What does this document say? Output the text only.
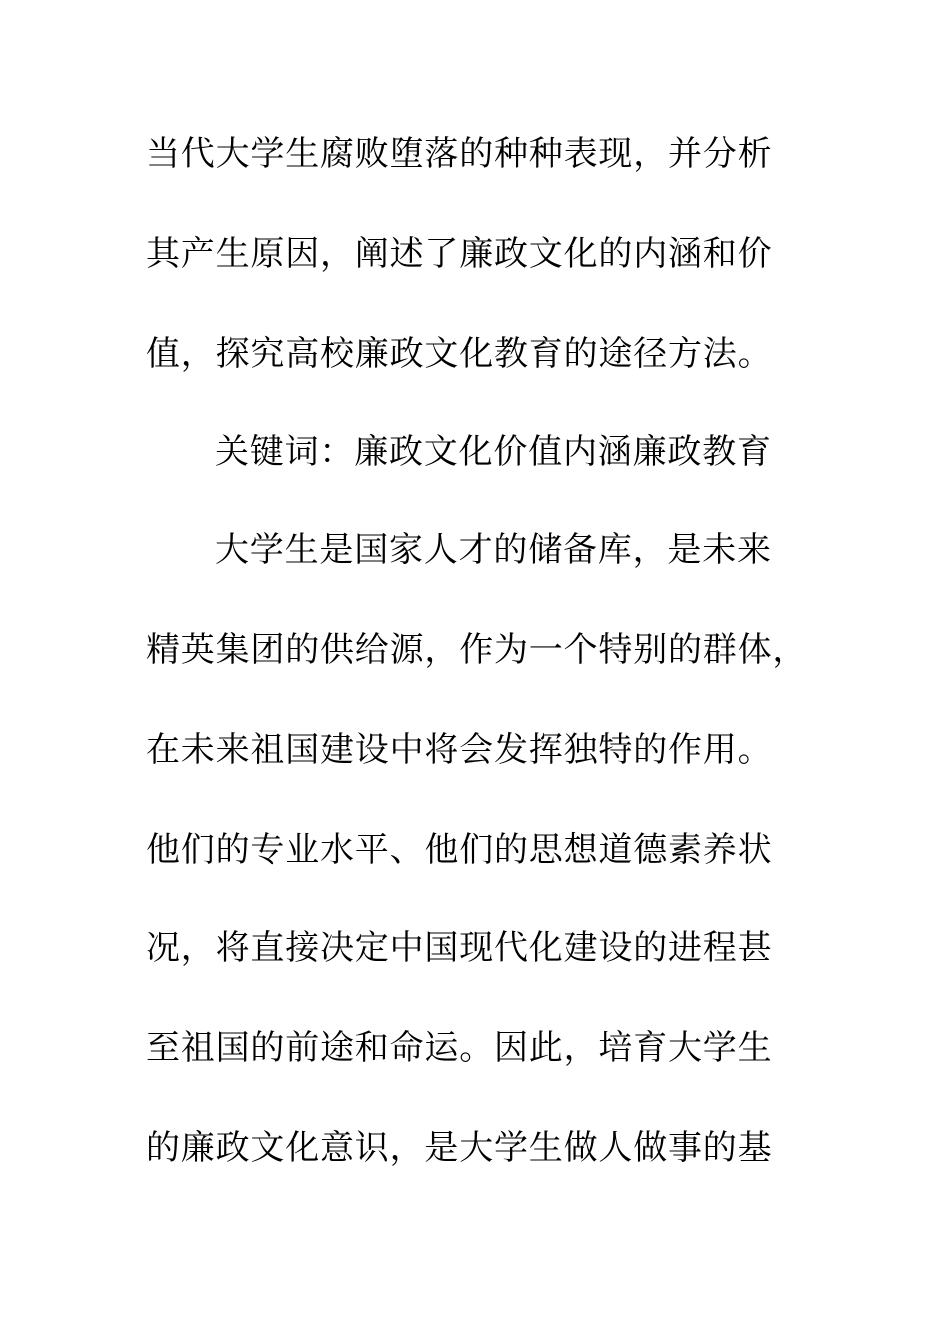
当代大学生腐败堕落的种种表现，并分析
其产生原因，阐述了廉政文化的内涵和价
值，探究高校廉政文化教育的途径方法。
关键词：廉政文化价值内涵廉政教育
大学生是国家人才的储备库，是未来
精英集团的供给源，作为一个特别的群体，
在未来祖国建设中将会发挥独特的作用。
他们的专业水平、他们的思想道德素养状
况，将直接决定中国现代化建设的进程甚
至祖国的前途和命运。因此，培育大学生
的廉政文化意识，是大学生做人做事的基
